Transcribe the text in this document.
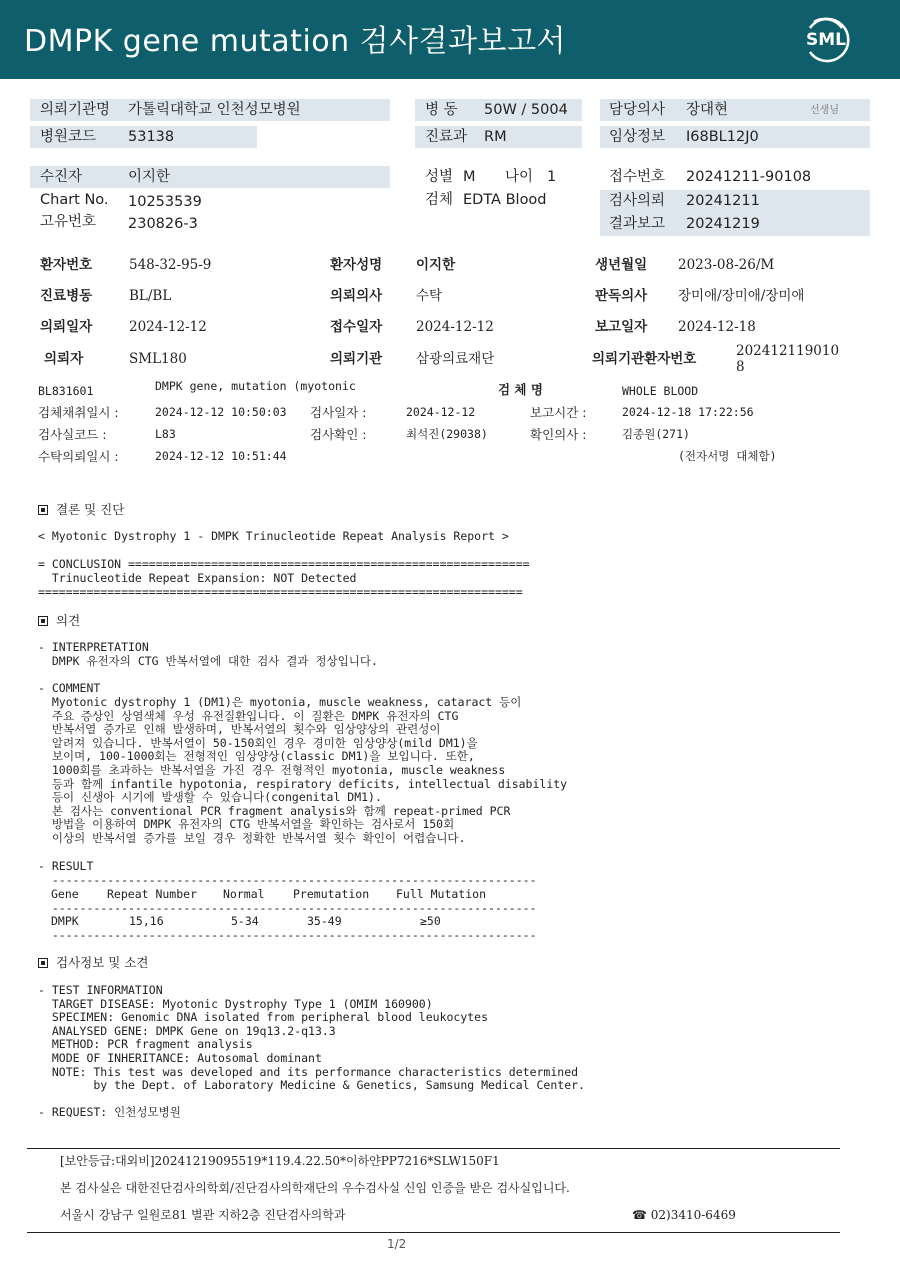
DMPK gene mutation 검사결과보고서	SML
의뢰기관명 가톨릭대학교 인천성모병원	병 동 50W / 5004	담당의사 장대현	선생님
병원코드 53138	진료과 RM	임상정보 I68BL12J0
수진자	이지한	성별 M 나이 1	접수번호 20241211-90108
Chart No. 10253539	검체 EDTA Blood	검사의뢰 20241211
고유번호 230826-3	결과보고 20241219
환자번호	548-32-95-9	환자성명	이지한	생년월일 2023-08-26/M
진료병동	BL/BL	의뢰의사	수탁	판독의사 장미애/장미애/장미애
의뢰일자	2024-12-12	접수일자	2024-12-12	보고일자 2024-12-18
의뢰자	SML180	의뢰기관	삼광의료재단	의뢰기관환자번호	202412119010
8
BL831601	DMPK gene, mutation (myotonic	검 체 명	WHOLE BLOOD
검체채취일시 :	2024-12-12 10:50:03 검사일자 :	2024-12-12	보고시간 :	2024-12-18 17:22:56
검사실코드 :	L83	검사확인 :	최석진(29038)	확인의사 :	김종원(271)
수탁의뢰일시 :	2024-12-12 10:51:44	(전자서명 대체함)
결론 및 진단
< Myotonic Dystrophy 1 - DMPK Trinucleotide Repeat Analysis Report >
= CONCLUSION ==========================================================
Trinucleotide Repeat Expansion: NOT Detected
======================================================================
의견
- INTERPRETATION
DMPK 유전자의 CTG 반복서열에 대한 검사 결과 정상입니다.
- COMMENT
Myotonic dystrophy 1 (DM1)은 myotonia, muscle weakness, cataract 등이
주요 증상인 상염색체 우성 유전질환입니다. 이 질환은 DMPK 유전자의 CTG
반복서열 증가로 인해 발생하며, 반복서열의 횟수와 임상양상의 관련성이
알려져 있습니다. 반복서열이 50-150회인 경우 경미한 임상양상(mild DM1)을
보이며, 100-1000회는 전형적인 임상양상(classic DM1)을 보입니다. 또한,
1000회를 초과하는 반복서열을 가진 경우 전형적인 myotonia, muscle weakness
등과 함께 infantile hypotonia, respiratory deficits, intellectual disability
등이 신생아 시기에 발생할 수 있습니다(congenital DM1).
본 검사는 conventional PCR fragment analysis와 함께 repeat-primed PCR
방법을 이용하여 DMPK 유전자의 CTG 반복서열을 확인하는 검사로서 150회
이상의 반복서열 증가를 보일 경우 정확한 반복서열 횟수 확인이 어렵습니다.
- RESULT
----------------------------------------------------------------------
Gene Repeat Number Normal Premutation Full Mutation
----------------------------------------------------------------------
DMPK	15,16	5-34	35-49	≥50
----------------------------------------------------------------------
검사정보 및 소견
- TEST INFORMATION
TARGET DISEASE: Myotonic Dystrophy Type 1 (OMIM 160900)
SPECIMEN: Genomic DNA isolated from peripheral blood leukocytes
ANALYSED GENE: DMPK Gene on 19q13.2-q13.3
METHOD: PCR fragment analysis
MODE OF INHERITANCE: Autosomal dominant
NOTE: This test was developed and its performance characteristics determined
by the Dept. of Laboratory Medicine & Genetics, Samsung Medical Center.
- REQUEST: 인천성모병원
[보안등급:대외비]20241219095519*119.4.22.50*이하얀PP7216*SLW150F1
본 검사실은 대한진단검사의학회/진단검사의학재단의 우수검사실 신임 인증을 받은 검사실입니다.
서울시 강남구 일원로81 별관 지하2층 진단검사의학과	☎ 02)3410-6469
1/2
